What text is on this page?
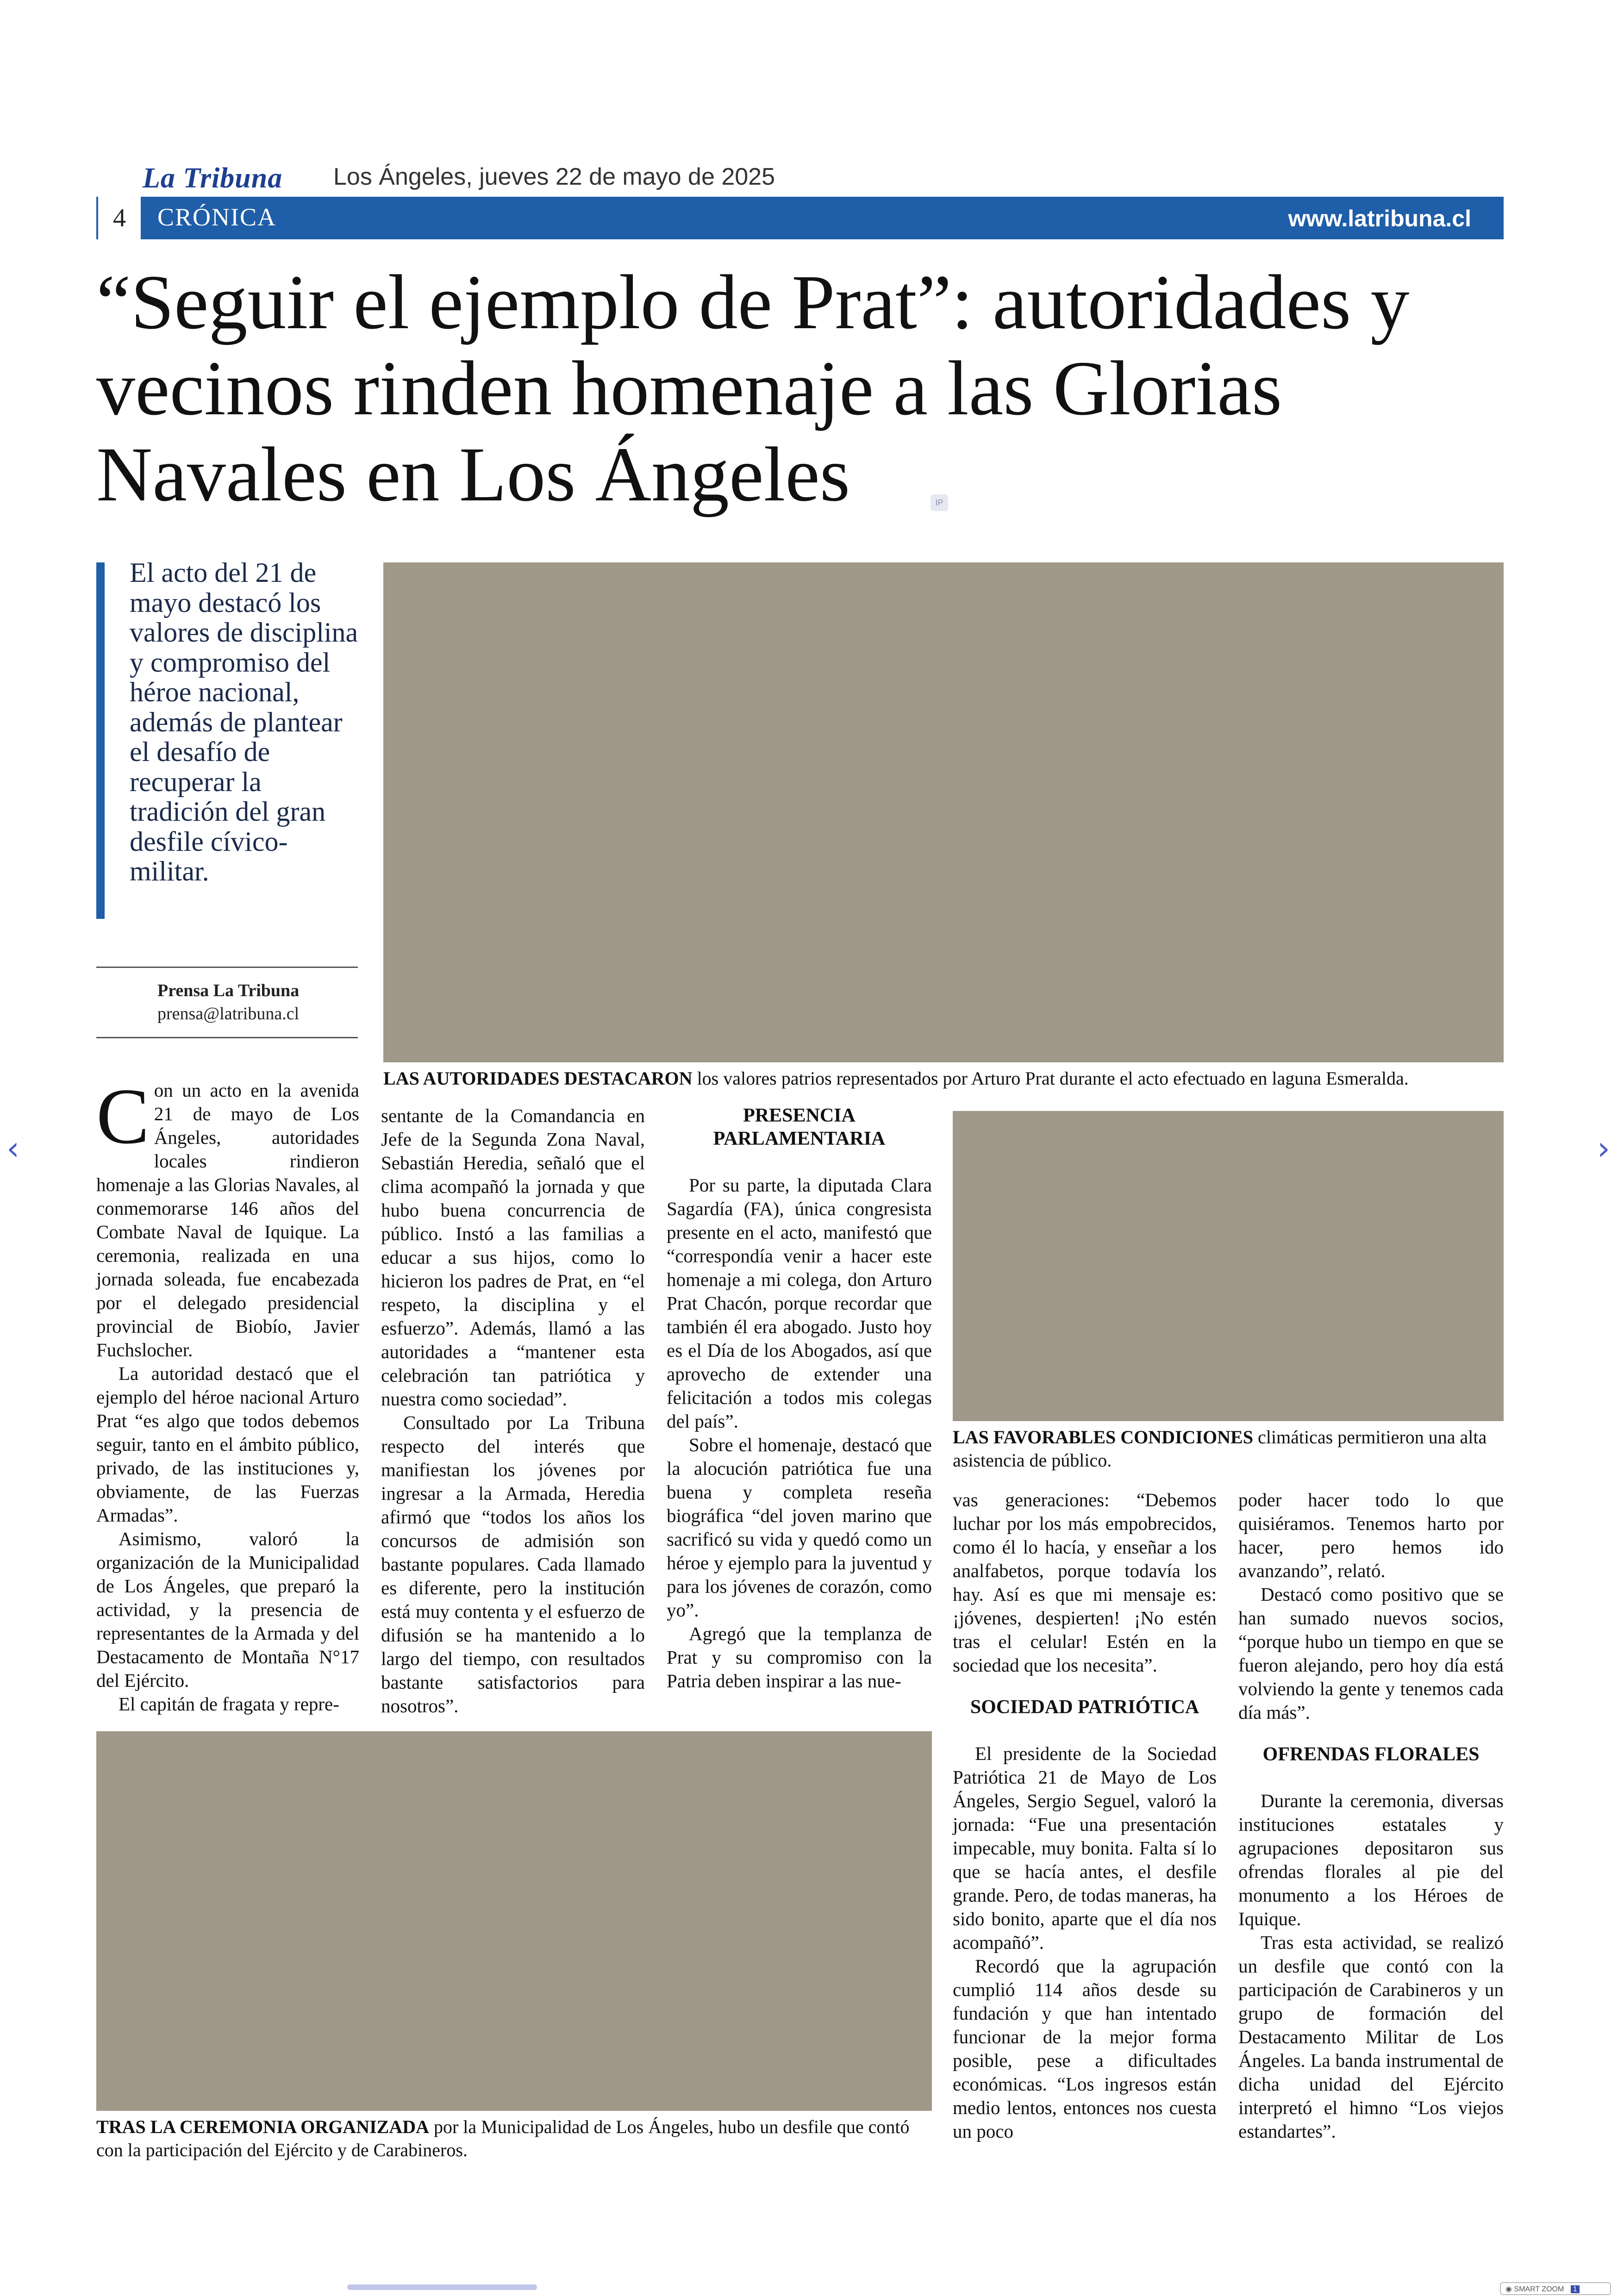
La Tribuna Los Ángeles, jueves 22 de mayo de 2025
4	CRÓNICA	www.latribuna.cl
“Seguir el ejemplo de Prat”: autoridades y vecinos rinden homenaje a las Glorias Navales en Los Ángeles	IP
El acto del 21 de mayo destacó los valores de disciplina y compromiso del héroe nacional, además de plantear el desafío de recuperar la tradición del gran desfile cívico-militar.
Prensa La Tribuna
prensa@latribuna.cl
LAS AUTORIDADES DESTACARON los valores patrios representados por Arturo Prat durante el acto efectuado en laguna Esmeralda.
LAS FAVORABLES CONDICIONES climáticas permitieron una alta asistencia de público.
TRAS LA CEREMONIA ORGANIZADA por la Municipalidad de Los Ángeles, hubo un desfile que contó con la participación del Ejército y de Carabineros.
C on un acto en la avenida 21 de mayo de Los Ángeles, autoridades locales rindieron homenaje a las Glorias Navales, al conmemorarse 146 años del Combate Naval de Iquique. La ceremonia, realizada en una jornada soleada, fue encabezada por el delegado presidencial provincial de Biobío, Javier Fuchslocher.

La autoridad destacó que el ejemplo del héroe nacional Arturo Prat “es algo que todos debemos seguir, tanto en el ámbito público, privado, de las instituciones y, obviamente, de las Fuerzas Armadas”.

Asimismo, valoró la organización de la Municipalidad de Los Ángeles, que preparó la actividad, y la presencia de representantes de la Armada y del Destacamento de Montaña N°17 del Ejército.

El capitán de fragata y repre-

sentante de la Comandancia en Jefe de la Segunda Zona Naval, Sebastián Heredia, señaló que el clima acompañó la jornada y que hubo buena concurrencia de público. Instó a las familias a educar a sus hijos, como lo hicieron los padres de Prat, en “el respeto, la disciplina y el esfuerzo”. Además, llamó a las autoridades a “mantener esta celebración tan patriótica y nuestra como sociedad”.

Consultado por La Tribuna respecto del interés que manifiestan los jóvenes por ingresar a la Armada, Heredia afirmó que “todos los años los concursos de admisión son bastante populares. Cada llamado es diferente, pero la institución está muy contenta y el esfuerzo de difusión se ha mantenido a lo largo del tiempo, con resultados bastante satisfactorios para nosotros”.

PRESENCIA PARLAMENTARIA

Por su parte, la diputada Clara Sagardía (FA), única congresista presente en el acto, manifestó que “correspondía venir a hacer este homenaje a mi colega, don Arturo Prat Chacón, porque recordar que también él era abogado. Justo hoy es el Día de los Abogados, así que aprovecho de extender una felicitación a todos mis colegas del país”.

Sobre el homenaje, destacó que la alocución patriótica fue una buena y completa reseña biográfica “del joven marino que sacrificó su vida y quedó como un héroe y ejemplo para la juventud y para los jóvenes de corazón, como yo”.

Agregó que la templanza de Prat y su compromiso con la Patria deben inspirar a las nue-

vas generaciones: “Debemos luchar por los más empobrecidos, como él lo hacía, y enseñar a los analfabetos, porque todavía los hay. Así es que mi mensaje es: ¡jóvenes, despierten! ¡No estén tras el celular! Estén en la sociedad que los necesita”.

SOCIEDAD PATRIÓTICA

El presidente de la Sociedad Patriótica 21 de Mayo de Los Ángeles, Sergio Seguel, valoró la jornada: “Fue una presentación impecable, muy bonita. Falta sí lo que se hacía antes, el desfile grande. Pero, de todas maneras, ha sido bonito, aparte que el día nos acompañó”.

Recordó que la agrupación cumplió 114 años desde su fundación y que han intentado funcionar de la mejor forma posible, pese a dificultades económicas. “Los ingresos están medio lentos, entonces nos cuesta un poco

poder hacer todo lo que quisiéramos. Tenemos harto por hacer, pero hemos ido avanzando”, relató.

Destacó como positivo que se han sumado nuevos socios, “porque hubo un tiempo en que se fueron alejando, pero hoy día está volviendo la gente y tenemos cada día más”.

OFRENDAS FLORALES

Durante la ceremonia, diversas instituciones estatales y agrupaciones depositaron sus ofrendas florales al pie del monumento a los Héroes de Iquique.

Tras esta actividad, se realizó un desfile que contó con la participación de Carabineros y un grupo de formación del Destacamento Militar de Los Ángeles. La banda instrumental de dicha unidad del Ejército interpretó el himno “Los viejos estandartes”.

‹	›
◉ SMART ZOOM 1
